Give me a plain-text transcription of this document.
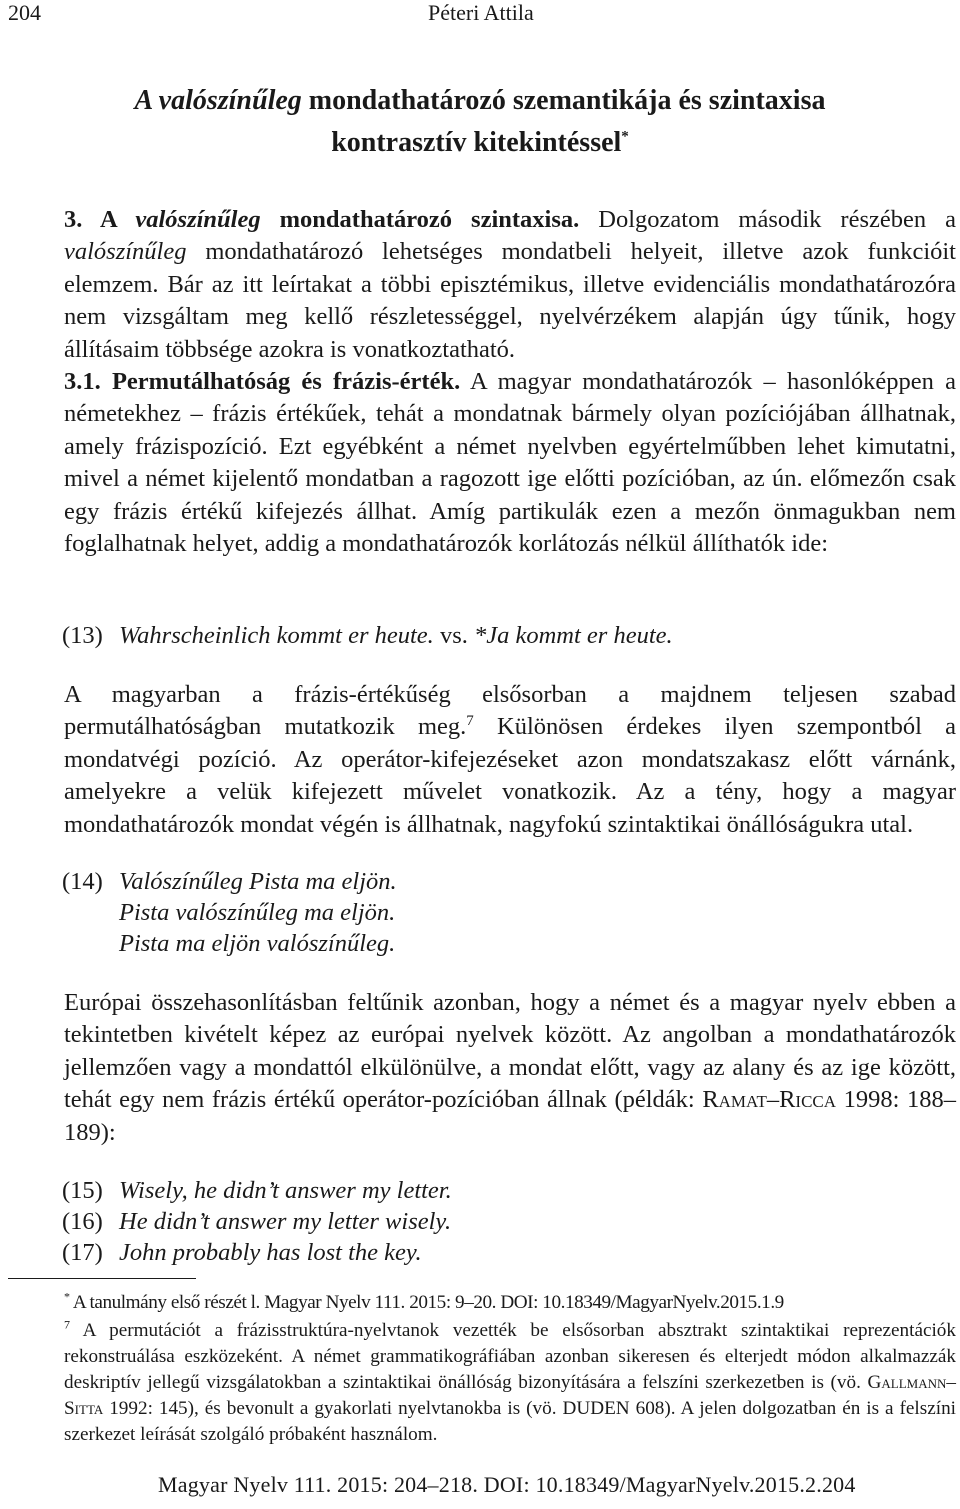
204	Péteri Attila
A valószínűleg mondathatározó szemantikája és szintaxisa
kontrasztív kitekintéssel*

3. A valószínűleg mondathatározó szintaxisa. Dolgozatom második részében a valószínűleg mondathatározó lehetséges mondatbeli helyeit, illetve azok funkcióit elemzem. Bár az itt leírtakat a többi episztémikus, illetve evidenciális mondathatározóra nem vizsgáltam meg kellő részletességgel, nyelvérzékem alapján úgy tűnik, hogy állításaim többsége azokra is vonatkoztatható.

3.1. Permutálhatóság és frázis-érték. A magyar mondathatározók – hasonlóképpen a németekhez – frázis értékűek, tehát a mondatnak bármely olyan pozíciójában állhatnak, amely frázispozíció. Ezt egyébként a német nyelvben egyértelműbben lehet kimutatni, mivel a német kijelentő mondatban a ragozott ige előtti pozícióban, az ún. előmezőn csak egy frázis értékű kifejezés állhat. Amíg partikulák ezen a mezőn önmagukban nem foglalhatnak helyet, addig a mondathatározók korlátozás nélkül állíthatók ide:

(13) Wahrscheinlich kommt er heute. vs. *Ja kommt er heute.

A magyarban a frázis-értékűség elsősorban a majdnem teljesen szabad permutálhatóságban mutatkozik meg.$^7$ Különösen érdekes ilyen szempontból a mondatvégi pozíció. Az operátor-kifejezéseket azon mondatszakasz előtt várnánk, amelyekre a velük kifejezett művelet vonatkozik. Az a tény, hogy a magyar mondathatározók mondat végén is állhatnak, nagyfokú szintaktikai önállóságukra utal.

(14) Valószínűleg Pista ma eljön.
Pista valószínűleg ma eljön.
Pista ma eljön valószínűleg.

Európai összehasonlításban feltűnik azonban, hogy a német és a magyar nyelv ebben a tekintetben kivételt képez az európai nyelvek között. Az angolban a mondathatározók jellemzően vagy a mondattól elkülönülve, a mondat előtt, vagy az alany és az ige között, tehát egy nem frázis értékű operátor-pozícióban állnak (példák: Ramat–Ricca 1998: 188–189):

(15) Wisely, he didn’t answer my letter.
(16) He didn’t answer my letter wisely.
(17) John probably has lost the key.

* A tanulmány első részét l. Magyar Nyelv 111. 2015: 9–20. DOI: 10.18349/MagyarNyelv.2015.1.9

$^7$ A permutációt a frázisstruktúra-nyelvtanok vezették be elsősorban absztrakt szintaktikai reprezentációk rekonstruálása eszközeként. A német grammatikográfiában azonban sikeresen és elterjedt módon alkalmazzák deskriptív jellegű vizsgálatokban a szintaktikai önállóság bizonyítására a felszíni szerkezetben is (vö. Gallmann–Sitta 1992: 145), és bevonult a gyakorlati nyelvtanokba is (vö. DUDEN 608). A jelen dolgozatban én is a felszíni szerkezet leírását szolgáló próbaként használom.

Magyar Nyelv 111. 2015: 204–218. DOI: 10.18349/MagyarNyelv.2015.2.204
